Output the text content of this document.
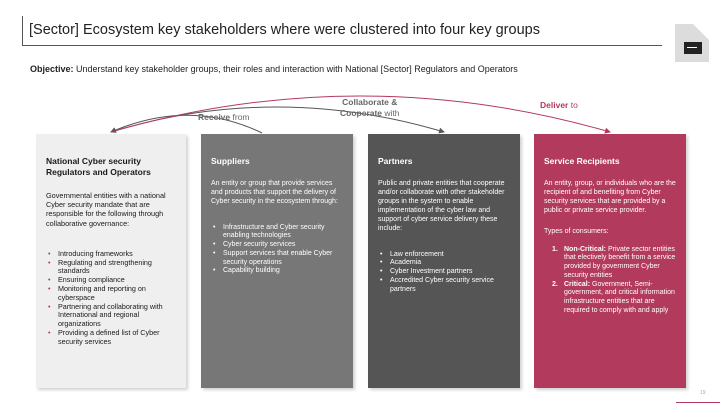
[Sector] Ecosystem key stakeholders where were clustered into four key groups
Objective: Understand key stakeholder groups, their roles and interaction with National [Sector] Regulators and Operators
Receive from
Collaborate &
Cooperate with
Deliver to
National Cyber security Regulators and Operators
Governmental entities with a national Cyber security mandate that are responsible for the following through collaborative governance:
• Introducing frameworks
• Regulating and strengthening standards
• Ensuring compliance
• Monitoring and reporting on cyberspace
• Partnering and collaborating with International and regional organizations
• Providing a defined list of Cyber security services
Suppliers
An entity or group that provide services and products that support the delivery of Cyber security in the ecosystem through:
• Infrastructure and Cyber security enabling technologies
• Cyber security services
• Support services that enable Cyber security operations
• Capability building
Partners
Public and private entities that cooperate and/or collaborate with other stakeholder groups in the system to enable implementation of the cyber law and support of cyber service delivery these include:
• Law enforcement
• Academia
• Cyber Investment partners
• Accredited Cyber security service partners
Service Recipients
An entity, group, or individuals who are the recipient of and benefiting from Cyber security services that are provided by a public or private service provider.
Types of consumers:
1. Non-Critical: Private sector entities that electively benefit from a service provided by government Cyber security entities
2. Critical: Government, Semi-government, and critical information infrastructure entities that are required to comply with and apply
19
